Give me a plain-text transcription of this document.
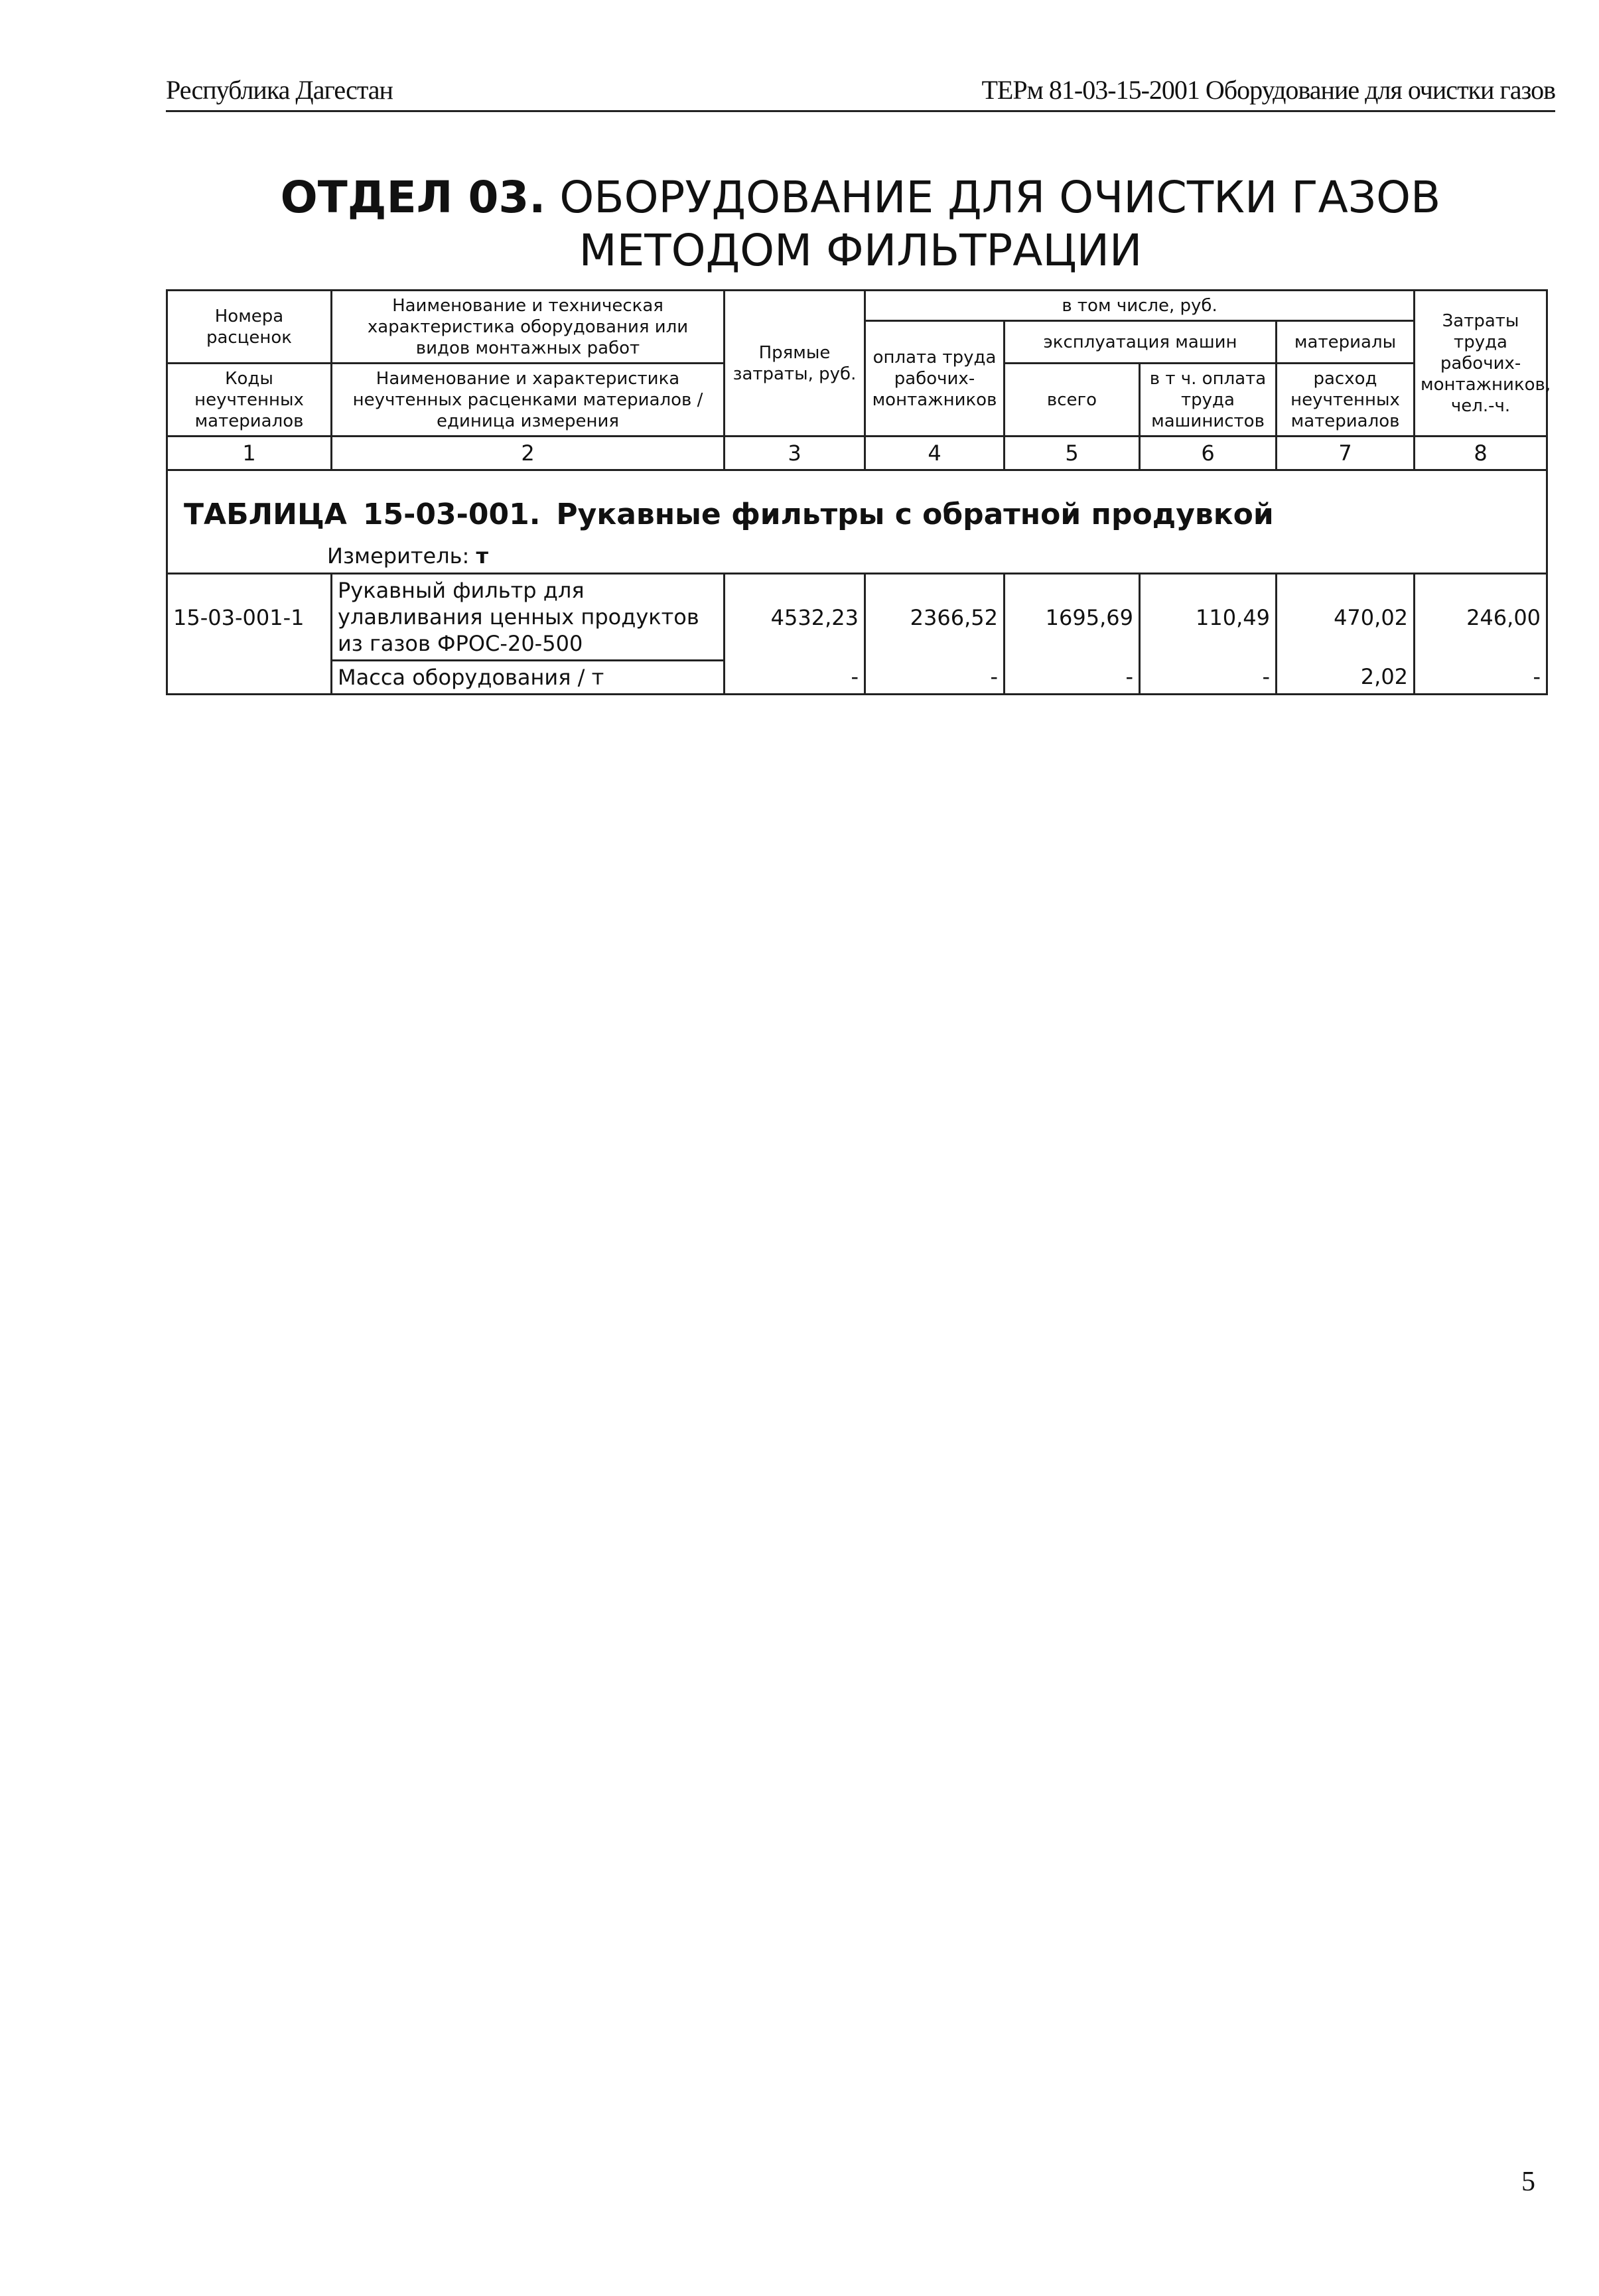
Республика Дагестан	ТЕРм 81-03-15-2001 Оборудование для очистки газов
ОТДЕЛ 03. ОБОРУДОВАНИЕ ДЛЯ ОЧИСТКИ ГАЗОВ
МЕТОДОМ ФИЛЬТРАЦИИ
Номера расценок	Наименование и техническая характеристика оборудования или видов монтажных работ	Прямые затраты, руб.	в том числе, руб.				Затраты труда рабочих-монтажников, чел.-ч.
			оплата труда рабочих-монтажников	эксплуатация машин		материалы	
Коды неучтенных материалов	Наименование и характеристика неучтенных расценками материалов / единица измерения			всего	в т ч. оплата труда машинистов	расход неучтенных материалов	

1	2	3	4	5	6	7	8
ТАБЛИЦА 15-03-001. Рукавные фильтры с обратной продувкой							
Измеритель: т							
15-03-001-1	Рукавный фильтр для улавливания ценных продуктов из газов ФРОС-20-500	4532,23	2366,52	1695,69	110,49	470,02	246,00
	Масса оборудования / т	-	-	-	-	2,02	-
5
